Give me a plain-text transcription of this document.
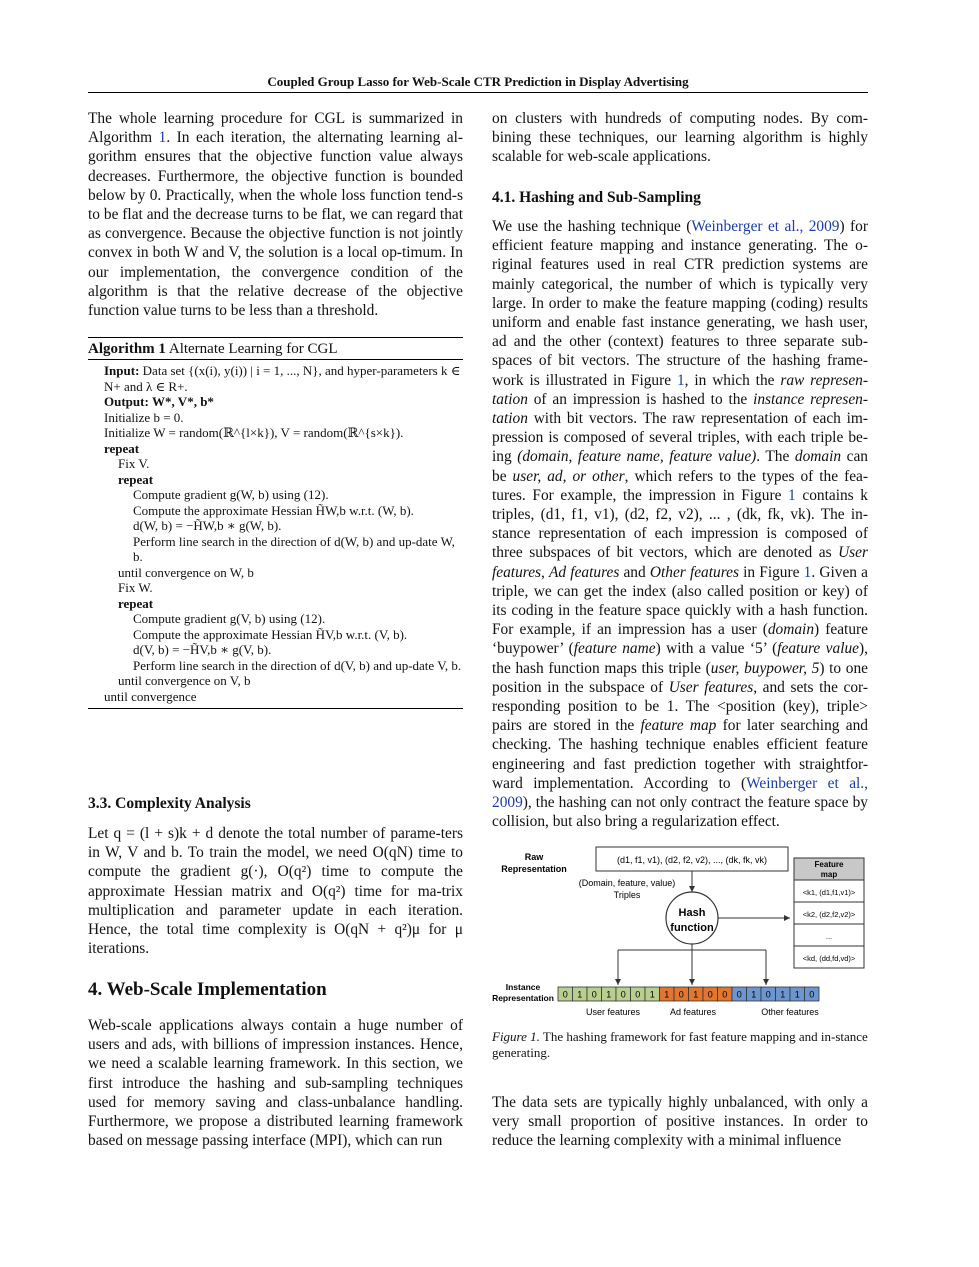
Coupled Group Lasso for Web-Scale CTR Prediction in Display Advertising

The whole learning procedure for CGL is summarized in Algorithm 1. In each iteration, the alternating learning al-gorithm ensures that the objective function value always decreases. Furthermore, the objective function is bounded below by 0. Practically, when the whole loss function tend-s to be flat and the decrease turns to be flat, we can regard that as convergence. Because the objective function is not jointly convex in both W and V, the solution is a local op-timum. In our implementation, the convergence condition of the algorithm is that the relative decrease of the objective function value turns to be less than a threshold.

Algorithm 1 Alternate Learning for CGL
Input: Data set {(x(i), y(i)) | i = 1, ..., N}, and hyper-parameters k ∈ N+ and λ ∈ R+.
Output: W*, V*, b*
Initialize b = 0.
Initialize W = random(ℝ^{l×k}), V = random(ℝ^{s×k}).
repeat
Fix V.
repeat
Compute gradient g(W, b) using (12).
Compute the approximate Hessian H̃W,b w.r.t. (W, b).
d(W, b) = −H̃W,b ∗ g(W, b).
Perform line search in the direction of d(W, b) and up-date W, b.
until convergence on W, b
Fix W.
repeat
Compute gradient g(V, b) using (12).
Compute the approximate Hessian H̃V,b w.r.t. (V, b).
d(V, b) = −H̃V,b ∗ g(V, b).
Perform line search in the direction of d(V, b) and up-date V, b.
until convergence on V, b
until convergence
3.3. Complexity Analysis
Let q = (l + s)k + d denote the total number of parame-ters in W, V and b. To train the model, we need O(qN) time to compute the gradient g(·), O(q²) time to compute the approximate Hessian matrix and O(q²) time for ma-trix multiplication and parameter update in each iteration. Hence, the total time complexity is O(qN + q²)μ for μ iterations.
4. Web-Scale Implementation
Web-scale applications always contain a huge number of users and ads, with billions of impression instances. Hence, we need a scalable learning framework. In this section, we first introduce the hashing and sub-sampling techniques used for memory saving and class-unbalance handling. Furthermore, we propose a distributed learning framework based on message passing interface (MPI), which can run
on clusters with hundreds of computing nodes. By com-bining these techniques, our learning algorithm is highly scalable for web-scale applications.
4.1. Hashing and Sub-Sampling

We use the hashing technique (Weinberger et al., 2009) for efficient feature mapping and instance generating. The o-riginal features used in real CTR prediction systems are mainly categorical, the number of which is typically very large. In order to make the feature mapping (coding) results uniform and enable fast instance generating, we hash user, ad and the other (context) features to three separate sub-spaces of bit vectors. The structure of the hashing frame-work is illustrated in Figure 1, in which the raw represen-tation of an impression is hashed to the instance represen-tation with bit vectors. The raw representation of each im-pression is composed of several triples, with each triple be-ing (domain, feature name, feature value). The domain can be user, ad, or other, which refers to the types of the fea-tures. For example, the impression in Figure 1 contains k triples, (d1, f1, v1), (d2, f2, v2), ... , (dk, fk, vk). The in-stance representation of each impression is composed of three subspaces of bit vectors, which are denoted as User features, Ad features and Other features in Figure 1. Given a triple, we can get the index (also called position or key) of its coding in the feature space quickly with a hash function. For example, if an impression has a user (domain) feature ‘buypower’ (feature name) with a value ‘5’ (feature value), the hash function maps this triple (user, buypower, 5) to one position in the subspace of User features, and sets the cor-responding position to be 1. The <position (key), triple> pairs are stored in the feature map for later searching and checking. The hashing technique enables efficient feature engineering and fast prediction together with straightfor-ward implementation. According to (Weinberger et al., 2009), the hashing can not only contract the feature space by collision, but also bring a regularization effect.

Raw
Representation
(d1, f1, v1), (d2, f2, v2), ..., (dk, fk, vk)
(Domain, feature, value)
Triples
Hash
function
Feature
map
<k1, (d1,f1,v1)>
<k2, (d2,f2,v2)>
...
<kd, (dd,fd,vd)>
Instance
Representation 0 1 0 1 0 0 1 1 0 1 0 0 0 1 0 1 1 0
User features	Ad features	Other features
Figure 1. The hashing framework for fast feature mapping and in-stance generating.
The data sets are typically highly unbalanced, with only a very small proportion of positive instances. In order to reduce the learning complexity with a minimal influence
